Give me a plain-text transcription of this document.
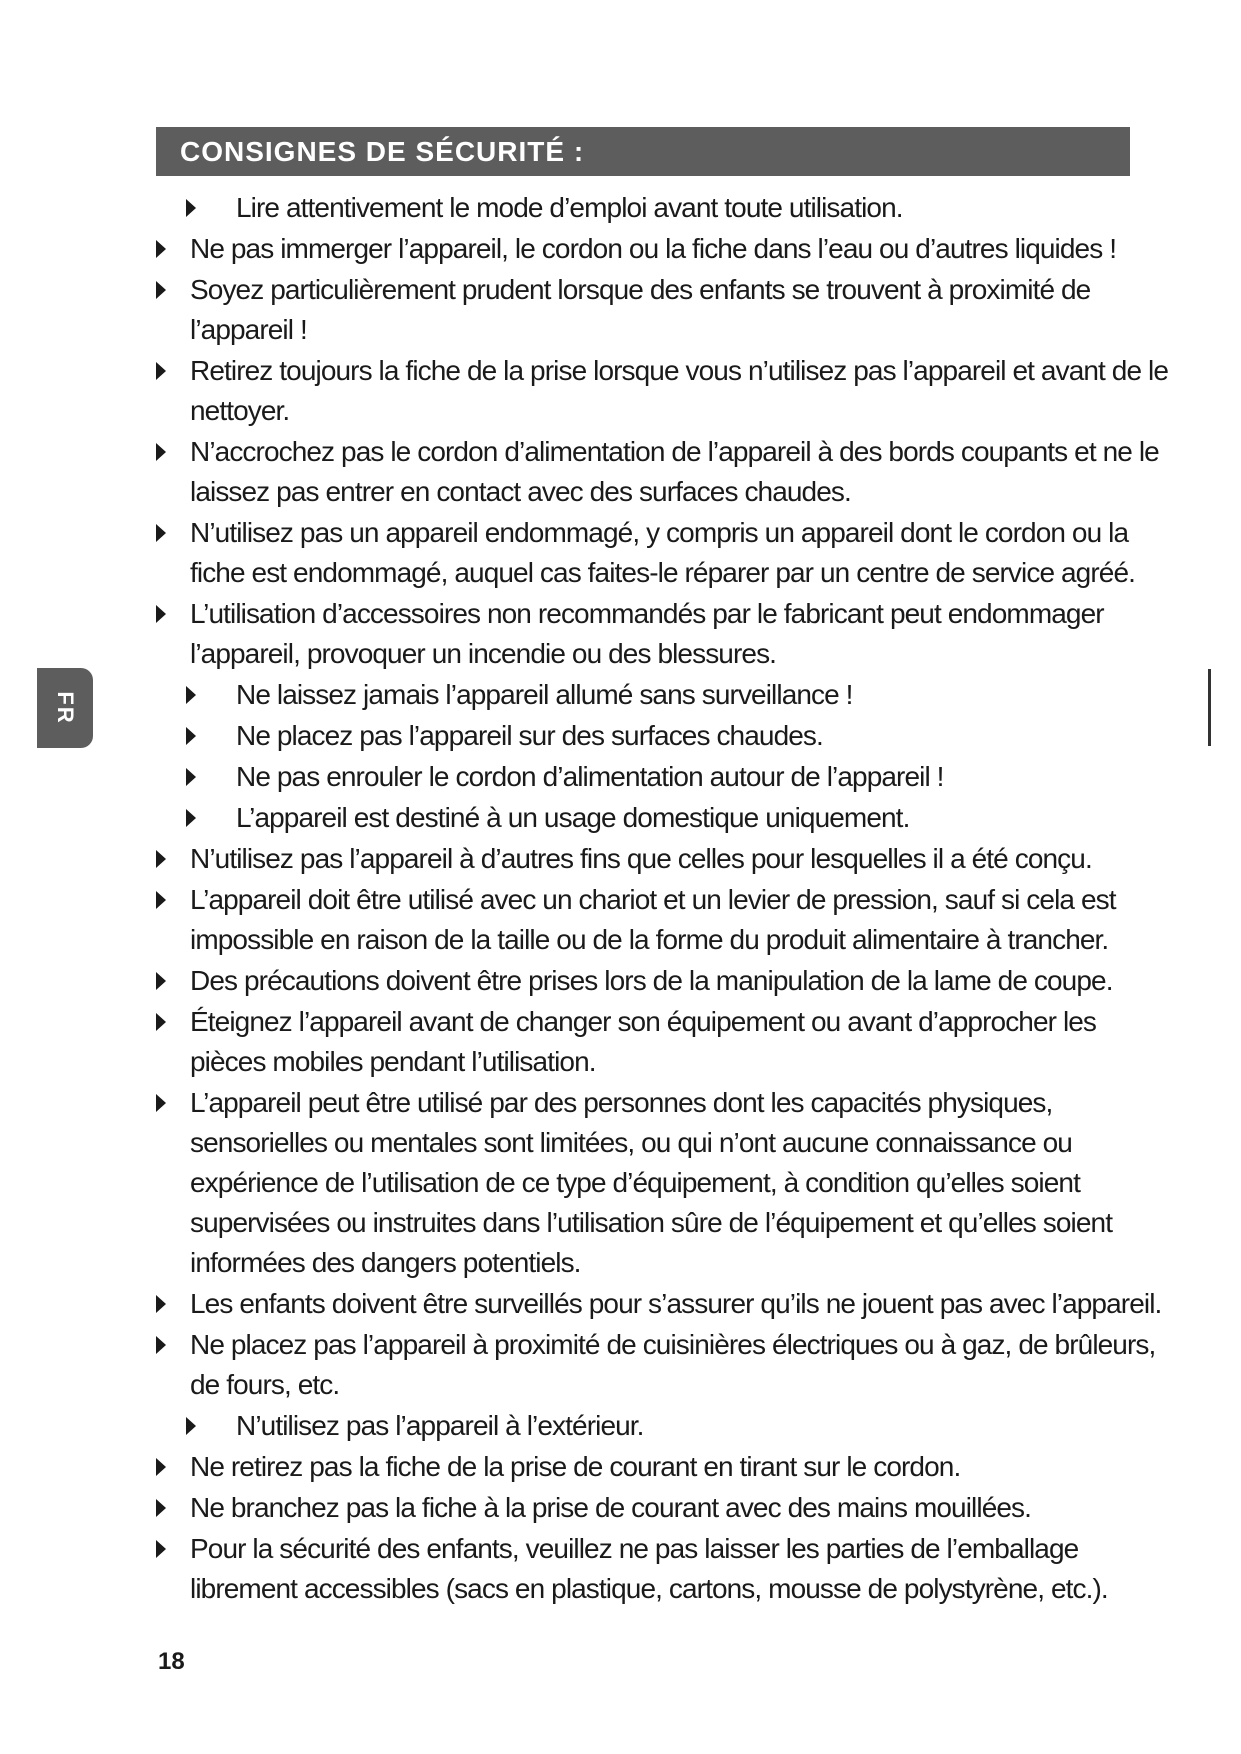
CONSIGNES DE SÉCURITÉ :
Lire attentivement le mode d’emploi avant toute utilisation.
Ne pas immerger l’appareil, le cordon ou la fiche dans l’eau ou d’autres liquides !
Soyez particulièrement prudent lorsque des enfants se trouvent à proximité de l’appareil !
Retirez toujours la fiche de la prise lorsque vous n’utilisez pas l’appareil et avant de le nettoyer.
N’accrochez pas le cordon d’alimentation de l’appareil à des bords coupants et ne le laissez pas entrer en contact avec des surfaces chaudes.
N’utilisez pas un appareil endommagé, y compris un appareil dont le cordon ou la fiche est endommagé, auquel cas faites-le réparer par un centre de service agréé.
L’utilisation d’accessoires non recommandés par le fabricant peut endommager l’appareil, provoquer un incendie ou des blessures.
Ne laissez jamais l’appareil allumé sans surveillance !
Ne placez pas l’appareil sur des surfaces chaudes.
Ne pas enrouler le cordon d’alimentation autour de l’appareil !
L’appareil est destiné à un usage domestique uniquement.
N’utilisez pas l’appareil à d’autres fins que celles pour lesquelles il a été conçu.
L’appareil doit être utilisé avec un chariot et un levier de pression, sauf si cela est impossible en raison de la taille ou de la forme du produit alimentaire à trancher.
Des précautions doivent être prises lors de la manipulation de la lame de coupe.
Éteignez l’appareil avant de changer son équipement ou avant d’approcher les pièces mobiles pendant l’utilisation.
L’appareil peut être utilisé par des personnes dont les capacités physiques, sensorielles ou mentales sont limitées, ou qui n’ont aucune connaissance ou expérience de l’utilisation de ce type d’équipement, à condition qu’elles soient supervisées ou instruites dans l’utilisation sûre de l’équipement et qu’elles soient informées des dangers potentiels.
Les enfants doivent être surveillés pour s’assurer qu’ils ne jouent pas avec l’appareil.
Ne placez pas l’appareil à proximité de cuisinières électriques ou à gaz, de brûleurs, de fours, etc.
N’utilisez pas l’appareil à l’extérieur.
Ne retirez pas la fiche de la prise de courant en tirant sur le cordon.
Ne branchez pas la fiche à la prise de courant avec des mains mouillées.
Pour la sécurité des enfants, veuillez ne pas laisser les parties de l’emballage librement accessibles (sacs en plastique, cartons, mousse de polystyrène, etc.).
FR
18
